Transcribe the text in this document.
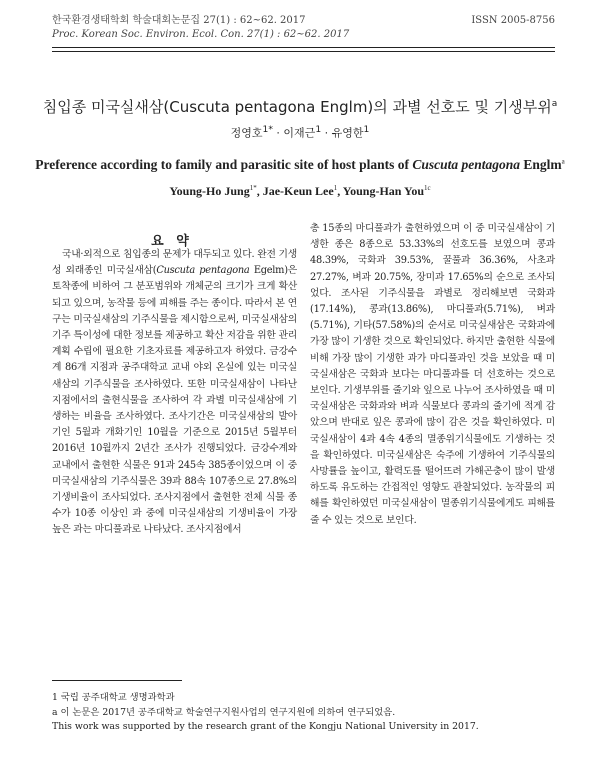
한국환경생태학회 학술대회논문집 27(1) : 62~62. 2017
Proc. Korean Soc. Environ. Ecol. Con. 27(1) : 62~62. 2017
ISSN 2005-8756
침입종 미국실새삼(Cuscuta pentagona Englm)의 과별 선호도 및 기생부위$^a$
정영호$^{1*}$ · 이재근$^1$ · 유영한$^1$
Preference according to family and parasitic site of host plants of Cuscuta pentagona Englm$^a$
Young-Ho Jung$^{1*}$, Jae-Keun Lee$^1$, Young-Han You$^{1c}$
요 약

국내·외적으로 침입종의 문제가 대두되고 있다. 완전 기생성 외래종인 미국실새삼(Cuscuta pentagona Egelm)은 토착종에 비하여 그 분포범위와 개체군의 크기가 크게 확산되고 있으며, 농작물 등에 피해를 주는 종이다. 따라서 본 연구는 미국실새삼의 기주식물을 제시함으로써, 미국실새삼의 기주 특이성에 대한 정보를 제공하고 확산 저감을 위한 관리 계획 수립에 필요한 기초자료를 제공하고자 하였다. 금강수계 86개 지점과 공주대학교 교내 야외 온실에 있는 미국실새삼의 기주식물을 조사하였다. 또한 미국실새삼이 나타난 지점에서의 출현식물을 조사하여 각 과별 미국실새삼에 기생하는 비율을 조사하였다. 조사기간은 미국실새삼의 발아기인 5월과 개화기인 10월을 기준으로 2015년 5월부터 2016년 10월까지 2년간 조사가 진행되었다. 금강수계와 교내에서 출현한 식물은 91과 245속 385종이었으며 이 중 미국실새삼의 기주식물은 39과 88속 107종으로 27.8%의 기생비율이 조사되었다. 조사지점에서 출현한 전체 식물 종수가 10종 이상인 과 중에 미국실새삼의 기생비율이 가장 높은 과는 마디풀과로 나타났다. 조사지점에서

총 15종의 마디풀과가 출현하였으며 이 중 미국실새삼이 기생한 종은 8종으로 53.33%의 선호도를 보였으며 콩과 48.39%, 국화과 39.53%, 꿀풀과 36.36%, 사초과 27.27%, 벼과 20.75%, 장미과 17.65%의 순으로 조사되었다. 조사된 기주식물을 과별로 정리해보면 국화과(17.14%), 콩과(13.86%), 마디풀과(5.71%), 벼과(5.71%), 기타(57.58%)의 순서로 미국실새삼은 국화과에 가장 많이 기생한 것으로 확인되었다. 하지만 출현한 식물에 비해 가장 많이 기생한 과가 마디풀과인 것을 보았을 때 미국실새삼은 국화과 보다는 마디풀과를 더 선호하는 것으로 보인다. 기생부위를 줄기와 잎으로 나누어 조사하였을 때 미국실새삼은 국화과와 벼과 식물보다 콩과의 줄기에 적게 감았으며 반대로 잎은 콩과에 많이 감은 것을 확인하였다. 미국실새삼이 4과 4속 4종의 멸종위기식물에도 기생하는 것을 확인하였다. 미국실새삼은 숙주에 기생하여 기주식물의 사망률을 높이고, 활력도를 떨어뜨려 가해곤충이 많이 발생하도록 유도하는 간접적인 영향도 관찰되었다. 농작물의 피해를 확인하였던 미국실새삼이 멸종위기식물에게도 피해를 줄 수 있는 것으로 보인다.

1 국립 공주대학교 생명과학과
a 이 논문은 2017년 공주대학교 학술연구지원사업의 연구지원에 의하여 연구되었음.
This work was supported by the research grant of the Kongju National University in 2017.
